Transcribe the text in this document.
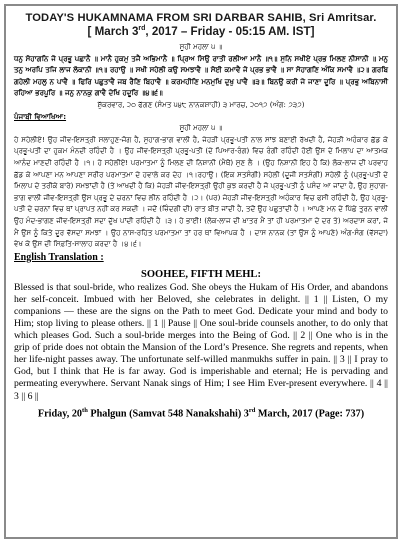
TODAY'S HUKAMNAMA FROM SRI DARBAR SAHIB, Sri Amritsar.
[ March 3rd, 2017 – Friday - 05:15 AM. IST]
ਸੂਹੀ ਮਹਲਾ ੫ ॥
ਧਨੁ ਸੋਹਾਗਨਿ ਜੋ ਪ੍ਰਭੂ ਪਛਾਨੈ ॥ ਮਾਨੈ ਹੁਕਮੁ ਤਜੈ ਅਭਿਮਾਨੈ ॥ ਪ੍ਰਿਅ ਸਿਉ ਰਾਤੀ ਰਲੀਆ ਮਾਨੈ ॥੧॥ ਸੁਨਿ ਸਖੀਏ ਪ੍ਰਭ ਮਿਲਣ ਨੀਸਾਨੀ ॥ ਮਨੁ ਤਨੁ ਅਰਪਿ ਤਜਿ ਲਾਜ ਲੋਕਾਨੀ ॥੧॥ ਰਹਾਉ ॥ ਸਖੀ ਸਹੇਲੀ ਕਉ ਸਮਝਾਵੈ ॥ ਸੋਈ ਕਮਾਵੈ ਜੋ ਪ੍ਰਭ ਭਾਵੈ ॥ ਸਾ ਸੋਹਾਗਣਿ ਅੰਕਿ ਸਮਾਵੈ ॥੨॥ ਗਰਬਿ ਗਹੇਲੀ ਮਹਲੁ ਨ ਪਾਵੈ ॥ ਫਿਰਿ ਪਛੁਤਾਵੈ ਜਬ ਰੈਣਿ ਬਿਹਾਵੈ ॥ ਕਰਮਹੀਣਿ ਮਨਮੁਖਿ ਦੁਖੁ ਪਾਵੈ ॥੩॥ ਬਿਨਉ ਕਰੀ ਜੇ ਜਾਣਾ ਦੂਰਿ ॥ ਪ੍ਰਭੁ ਅਬਿਨਾਸੀ ਰਹਿਆ ਭਰਪੂਰਿ ॥ ਜਨੁ ਨਾਨਕੁ ਗਾਵੈ ਦੇਖਿ ਹਦੂਰਿ ॥੪॥੬॥
ਸ਼ੁੱਕਰਵਾਰ, ੨੦ ਫੱਗਣ (ਸੰਮਤ ੫੪੮ ਨਾਨਕਸ਼ਾਹੀ) ੩ ਮਾਰਚ, ੨੦੧੭ (ਅੰਗ: ੭੩੭)
ਪੰਜਾਬੀ ਵਿਆਖਿਆ:
ਸੂਹੀ ਮਹਲਾ ੫ ॥
ਹੇ ਸਹੇਲੀਏ! ਉਹ ਜੀਵ-ਇਸਤ੍ਰੀ ਸਲਾਹੁਣ-ਜੋਗ ਹੈ, ਸੁਹਾਗ-ਭਾਗ ਵਾਲੀ ਹੈ, ਜੇਹੜੀ ਪ੍ਰਭੂ-ਪਤੀ ਨਾਲ ਸਾਂਝ ਬਣਾਈ ਰੱਖਦੀ ਹੈ, ਜੇਹੜੀ ਅਹੰਕਾਰ ਛੱਡ ਕੇ ਪ੍ਰਭੂ-ਪਤੀ ਦਾ ਹੁਕਮ ਮੰਨਦੀ ਰਹਿੰਦੀ ਹੈ । ਉਹ ਜੀਵ-ਇਸਤ੍ਰੀ ਪ੍ਰਭੂ-ਪਤੀ (ਦੇ ਪਿਆਰ-ਰੰਗ) ਵਿਚ ਰੰਗੀ ਰਹਿੰਦੀ ਹੋਈ ਉਸ ਦੇ ਮਿਲਾਪ ਦਾ ਆਤਮਕ ਆਨੰਦ ਮਾਣਦੀ ਰਹਿੰਦੀ ਹੈ ।੧। ਹੇ ਸਹੇਲੀਏ! ਪਰਮਾਤਮਾ ਨੂੰ ਮਿਲਣ ਦੀ ਨਿਸ਼ਾਨੀ (ਮੈਥੋਂ) ਸੁਣ ਲੈ । (ਉਹ ਨਿਸ਼ਾਨੀ ਇਹ ਹੈ ਕਿ) ਲੋਕ-ਲਾਜ ਦੀ ਪਰਵਾਹ ਛੱਡ ਕੇ ਆਪਣਾ ਮਨ ਆਪਣਾ ਸਰੀਰ ਪਰਮਾਤਮਾ ਦੇ ਹਵਾਲੇ ਕਰ ਦੇਹ ।੧।ਰਹਾਉ। (ਇਕ ਸਤਸੰਗੀ) ਸਹੇਲੀ (ਦੂਜੀ ਸਤਸੰਗੀ) ਸਹੇਲੀ ਨੂੰ (ਪ੍ਰਭੂ-ਪਤੀ ਦੇ ਮਿਲਾਪ ਦੇ ਤਰੀਕੇ ਬਾਰੇ) ਸਮਝਾਂਦੀ ਹੈ (ਤੇ ਆਖਦੀ ਹੈ ਕਿ) ਜੇਹੜੀ ਜੀਵ-ਇਸਤ੍ਰੀ ਉਹੀ ਕੁਝ ਕਰਦੀ ਹੈ ਜੋ ਪ੍ਰਭੂ-ਪਤੀ ਨੂੰ ਪਸੰਦ ਆ ਜਾਂਦਾ ਹੈ, ਉਹ ਸੁਹਾਗ-ਭਾਗ ਵਾਲੀ ਜੀਵ-ਇਸਤ੍ਰੀ ਉਸ ਪ੍ਰਭੂ ਦੇ ਚਰਨਾਂ ਵਿਚ ਲੀਨ ਰਹਿੰਦੀ ਹੈ ।੨। (ਪਰ) ਜੇਹੜੀ ਜੀਵ-ਇਸਤ੍ਰੀ ਅਹੰਕਾਰ ਵਿਚ ਫਸੀ ਰਹਿੰਦੀ ਹੈ, ਉਹ ਪ੍ਰਭੂ-ਪਤੀ ਦੇ ਚਰਨਾਂ ਵਿਚ ਥਾਂ ਪ੍ਰਾਪਤ ਨਹੀਂ ਕਰ ਸਕਦੀ । ਜਦੋਂ (ਜ਼ਿੰਦਗੀ ਦੀ) ਰਾਤ ਬੀਤ ਜਾਂਦੀ ਹੈ, ਤਦੋਂ ਉਹ ਪਛੁਤਾਂਦੀ ਹੈ । ਆਪਣੇ ਮਨ ਦੇ ਪਿੱਛੇ ਤੁਰਨ ਵਾਲੀ ਉਹ ਮੰਦ-ਭਾਗਣ ਜੀਵ-ਇਸਤ੍ਰੀ ਸਦਾ ਦੁੱਖ ਪਾਂਦੀ ਰਹਿੰਦੀ ਹੈ ।੩। ਹੇ ਭਾਈ! (ਲੋਕ-ਲਾਜ ਦੀ ਖ਼ਾਤਰ ਮੈਂ ਤਾਂ ਹੀ ਪਰਮਾਤਮਾ ਦੇ ਦਰ ਤੇ) ਅਰਦਾਸ ਕਰਾਂ, ਜੇ ਮੈਂ ਉਸ ਨੂੰ ਕਿਤੇ ਦੂਰ ਵੱਸਦਾ ਸਮਝਾਂ । ਉਹ ਨਾਸ-ਰਹਿਤ ਪਰਮਾਤਮਾ ਤਾਂ ਹਰ ਥਾਂ ਵਿਆਪਕ ਹੈ । ਦਾਸ ਨਾਨਕ (ਤਾਂ ਉਸ ਨੂੰ ਆਪਣੇ) ਅੰਗ-ਸੰਗ (ਵੱਸਦਾ) ਵੇਖ ਕੇ ਉਸ ਦੀ ਸਿਫ਼ਤਿ-ਸਾਲਾਹ ਕਰਦਾ ਹੈ ।੪।੬।
English Translation :
SOOHEE, FIFTH MEHL:
Blessed is that soul-bride, who realizes God. She obeys the Hukam of His Order, and abandons her self-conceit. Imbued with her Beloved, she celebrates in delight. || 1 || Listen, O my companions — these are the signs on the Path to meet God. Dedicate your mind and body to Him; stop living to please others. || 1 || Pause || One soul-bride counsels another, to do only that which pleases God. Such a soul-bride merges into the Being of God. || 2 || One who is in the grip of pride does not obtain the Mansion of the Lord’s Presence. She regrets and repents, when her life-night passes away. The unfortunate self-willed manmukhs suffer in pain. || 3 || I pray to God, but I think that He is far away. God is imperishable and eternal; He is pervading and permeating everywhere. Servant Nanak sings of Him; I see Him Ever-present everywhere. || 4 || 3 || 6 ||
Friday, 20th Phalgun (Samvat 548 Nanakshahi) 3rd March, 2017 (Page: 737)
